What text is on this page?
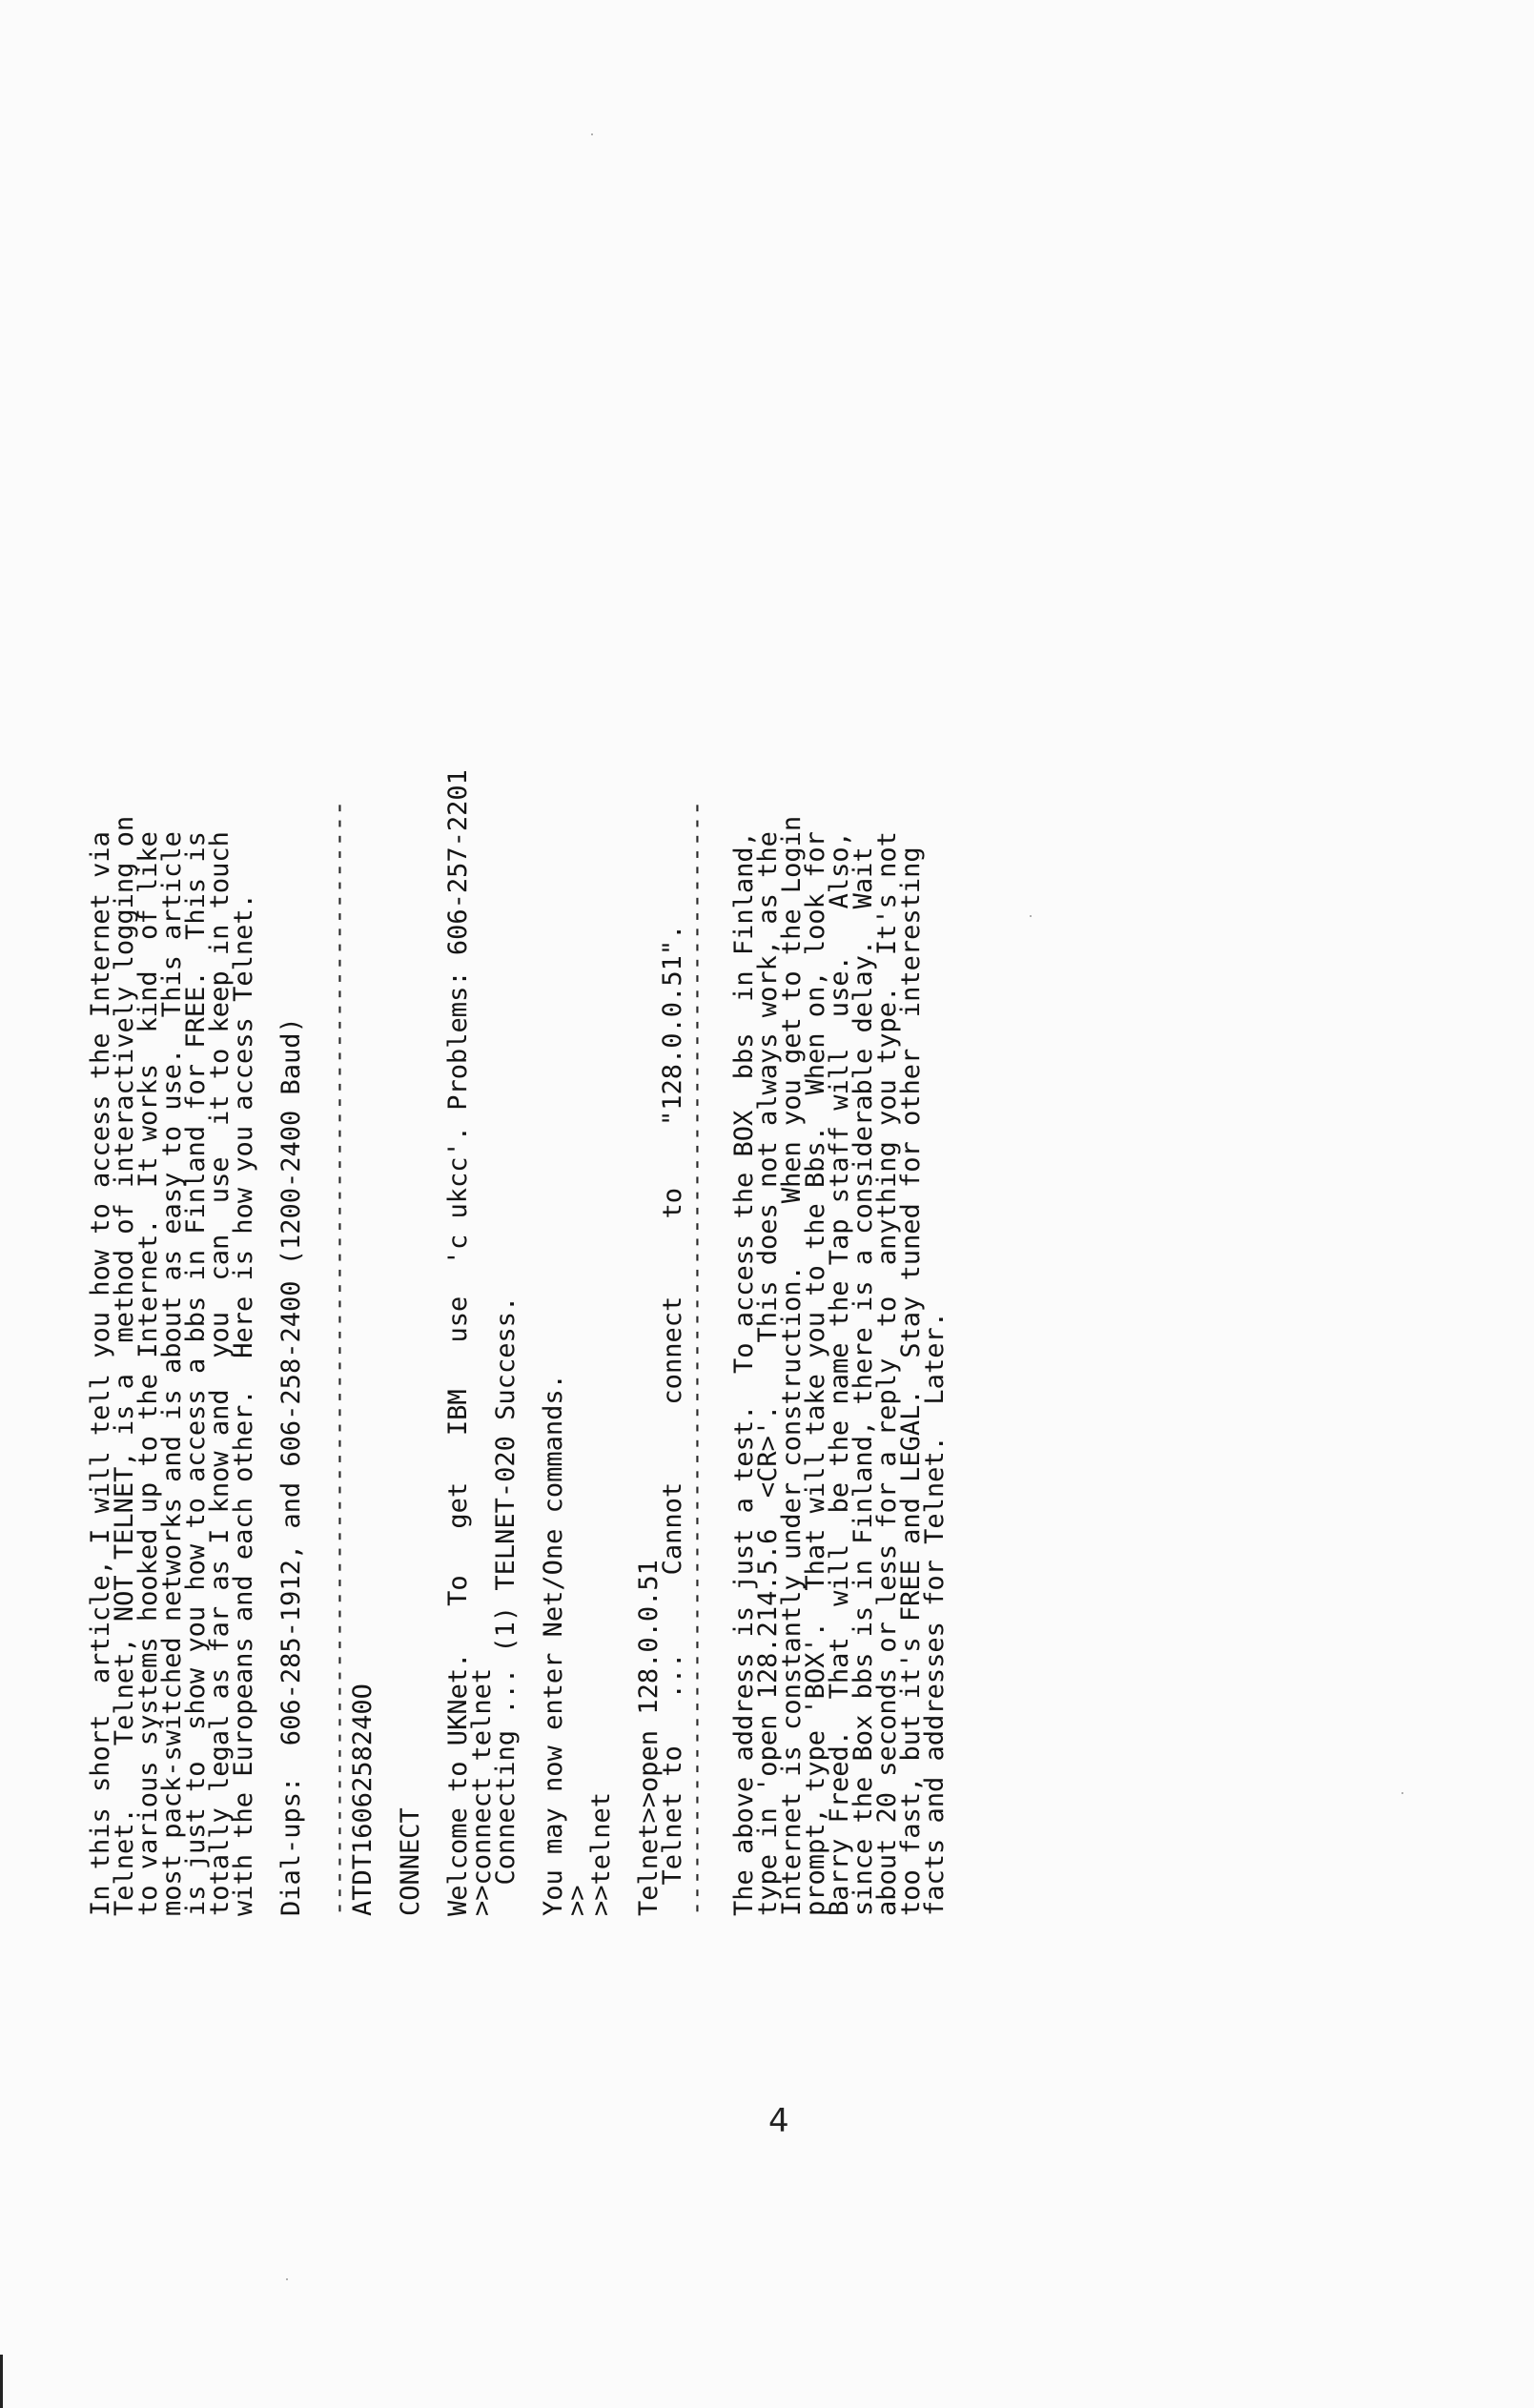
In this short  article, I will tell you how to access the Internet via
Telnet.    Telnet, NOT TELNET, is a  method of interactively logging on
to various systems hooked up to the Internet.  It works  kind  of like
most pack-switched networks and is about as easy to use.  This article
is just to  show you how to access a bbs in Finland for FREE.  This is
totally legal as far as I know and  you  can  use  it to keep in touch
with the Europeans and each other.  Here is how you access Telnet. Dial-ups:  606-285-1912, and 606-258-2400 (1200-2400 Baud) ------------------------------------------------------------------------
ATDT1606258240O CONNECT Welcome to UKNet.   To   get   IBM   use  'c ukcc'. Problems: 606-257-2201
>>connect telnet
Connecting ... (1) TELNET-020 Success. You may now enter Net/One commands.
>>
>>telnet Telnet>>open 128.0.0.51
Telnet to   ...     Cannot     connect     to    "128.0.0.51".
------------------------------------------------------------------------ The above address is just a test.  To access the BOX  bbs  in Finland,
type in 'open 128.214.5.6  <CR>'.    This does not always work, as the
Internet is constantly under construction.    When you get to the Login
prompt, type 'BOX'.  That will take you to the Bbs.  When on, look for
Barry Freed.  That  will  be the name the Tap staff will  use.   Also,
since the Box bbs is in Finland, there is a considerable delay.  Wait
about 20 seconds or less for a reply  to  anything you type.  It's not
too fast, but it's FREE and LEGAL.  Stay tuned for other  interesting
facts and addresses for Telnet.  Later.
4
